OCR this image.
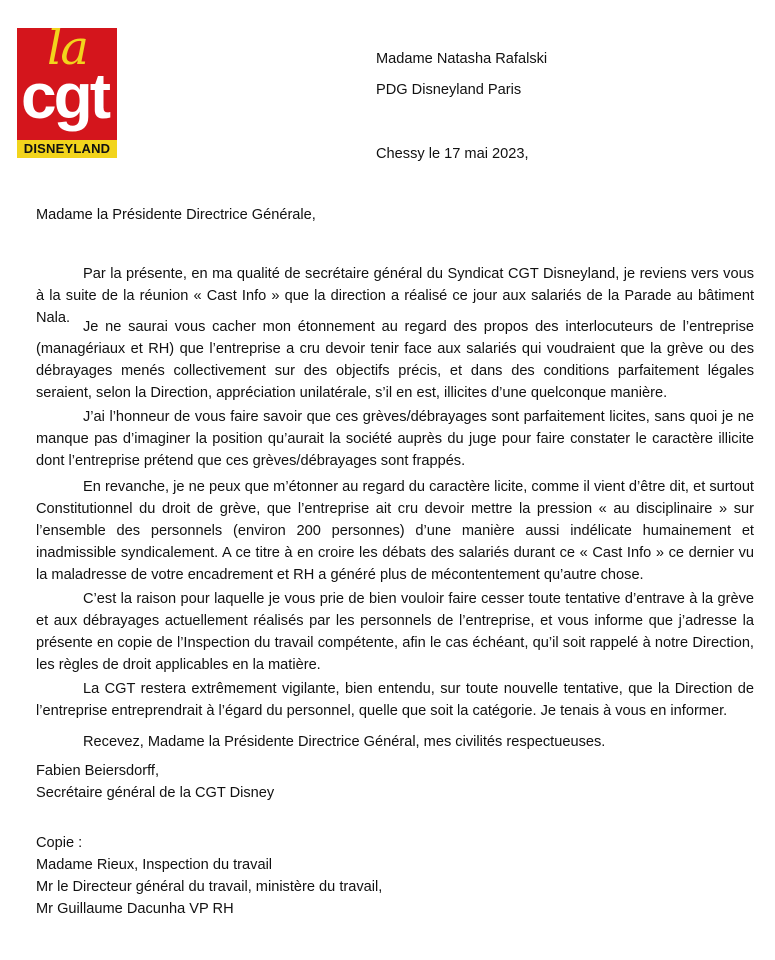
la
cgt
DISNEYLAND
Madame Natasha Rafalski
PDG Disneyland Paris
Chessy le 17 mai 2023,
Madame la Présidente Directrice Générale,

Par la présente, en ma qualité de secrétaire général du Syndicat CGT Disneyland, je reviens vers vous à la suite de la réunion « Cast Info » que la direction a réalisé ce jour aux salariés de la Parade au bâtiment Nala.

Je ne saurai vous cacher mon étonnement au regard des propos des interlocuteurs de l’entreprise (managériaux et RH) que l’entreprise a cru devoir tenir face aux salariés qui voudraient que la grève ou des débrayages menés collectivement sur des objectifs précis, et dans des conditions parfaitement légales seraient, selon la Direction, appréciation unilatérale, s’il en est, illicites d’une quelconque manière.

J’ai l’honneur de vous faire savoir que ces grèves/débrayages sont parfaitement licites, sans quoi je ne manque pas d’imaginer la position qu’aurait la société auprès du juge pour faire constater le caractère illicite dont l’entreprise prétend que ces grèves/débrayages sont frappés.

En revanche, je ne peux que m’étonner au regard du caractère licite, comme il vient d’être dit, et surtout Constitutionnel du droit de grève, que l’entreprise ait cru devoir mettre la pression « au disciplinaire » sur l’ensemble des personnels (environ 200 personnes) d’une manière aussi indélicate humainement et inadmissible syndicalement. A ce titre à en croire les débats des salariés durant ce « Cast Info » ce dernier vu la maladresse de votre encadrement et RH a généré plus de mécontentement qu’autre chose.

C’est la raison pour laquelle je vous prie de bien vouloir faire cesser toute tentative d’entrave à la grève et aux débrayages actuellement réalisés par les personnels de l’entreprise, et vous informe que j’adresse la présente en copie de l’Inspection du travail compétente, afin le cas échéant, qu’il soit rappelé à notre Direction, les règles de droit applicables en la matière.

La CGT restera extrêmement vigilante, bien entendu, sur toute nouvelle tentative, que la Direction de l’entreprise entreprendrait à l’égard du personnel, quelle que soit la catégorie. Je tenais à vous en informer.

Recevez, Madame la Présidente Directrice Général, mes civilités respectueuses.

Fabien Beiersdorff,
Secrétaire général de la CGT Disney
Copie :
Madame Rieux, Inspection du travail
Mr le Directeur général du travail, ministère du travail,
Mr Guillaume Dacunha VP RH
